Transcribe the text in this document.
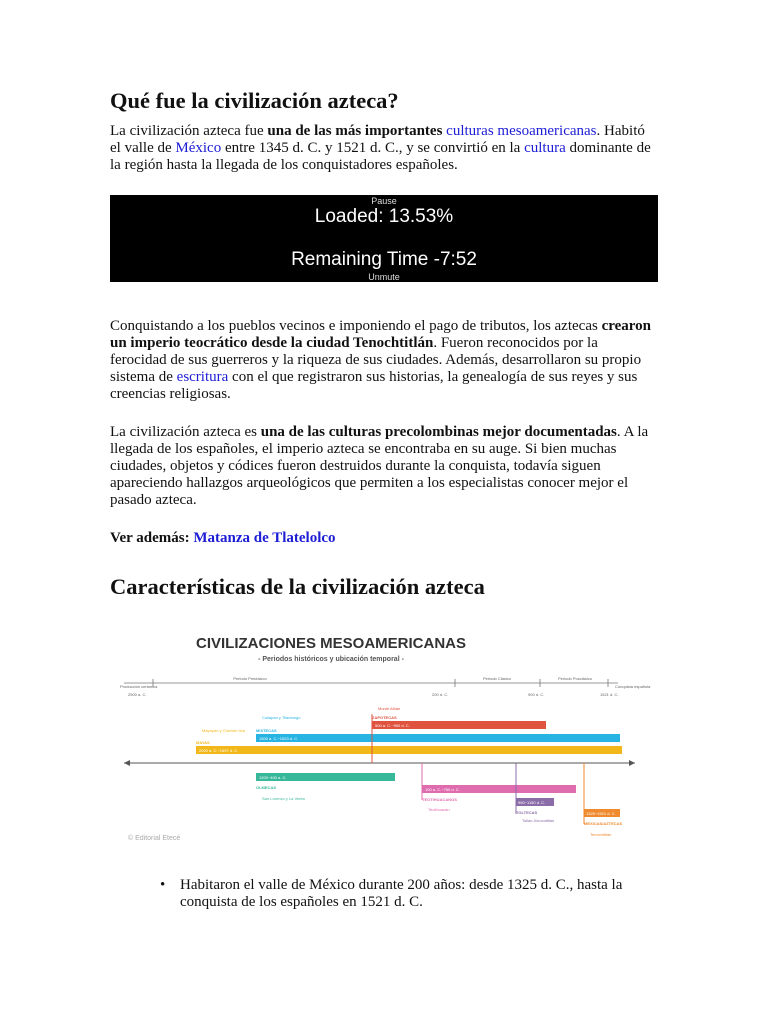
Qué fue la civilización azteca?

La civilización azteca fue una de las más importantes culturas mesoamericanas. Habitó el valle de México entre 1345 d. C. y 1521 d. C., y se convirtió en la cultura dominante de la región hasta la llegada de los conquistadores españoles.

Pause
Loaded: 13.53%
Remaining Time -7:52
Unmute

Conquistando a los pueblos vecinos e imponiendo el pago de tributos, los aztecas crearon un imperio teocrático desde la ciudad Tenochtitlán. Fueron reconocidos por la ferocidad de sus guerreros y la riqueza de sus ciudades. Además, desarrollaron su propio sistema de escritura con el que registraron sus historias, la genealogía de sus reyes y sus creencias religiosas.

La civilización azteca es una de las culturas precolombinas mejor documentadas. A la llegada de los españoles, el imperio azteca se encontraba en su auge. Si bien muchas ciudades, objetos y códices fueron destruidos durante la conquista, todavía siguen apareciendo hallazgos arqueológicos que permiten a los especialistas conocer mejor el pasado azteca.

Ver además: Matanza de Tlatelolco

Características de la civilización azteca
CIVILIZACIONES MESOAMERICANAS
- Periodos históricos y ubicación temporal -
Periodo Preclásico	Periodo Clásico	Periodo Posclásico
Producción cerámica
2500 a. C.
Conquista española
200 d. C.	900 d. C.	1521 d. C.
500 a. C.~900 d. C.
ZAPOTECAS
Monte Albán
1500 a. C.~1523 d. C.
MIXTECAS
Cuilapan y Tilantongo
2000 a. C.~1697 d. C.
MAYAS
Mayapán y Chichén Itzá
1200~400 a. C.
OLMECAS
San Lorenzo y La Venta
100 a. C.~750 d. C.
TEOTIHUACANOS
Teotihuacán
950~1150 d. C.
TOLTECAS
Tollan-Xicocotitlan
1325~1521 d. C.
MEXICAS/AZTECAS
Tenochtitlan
© Editorial Etecé
• Habitaron el valle de México durante 200 años: desde 1325 d. C., hasta la conquista de los españoles en 1521 d. C.
